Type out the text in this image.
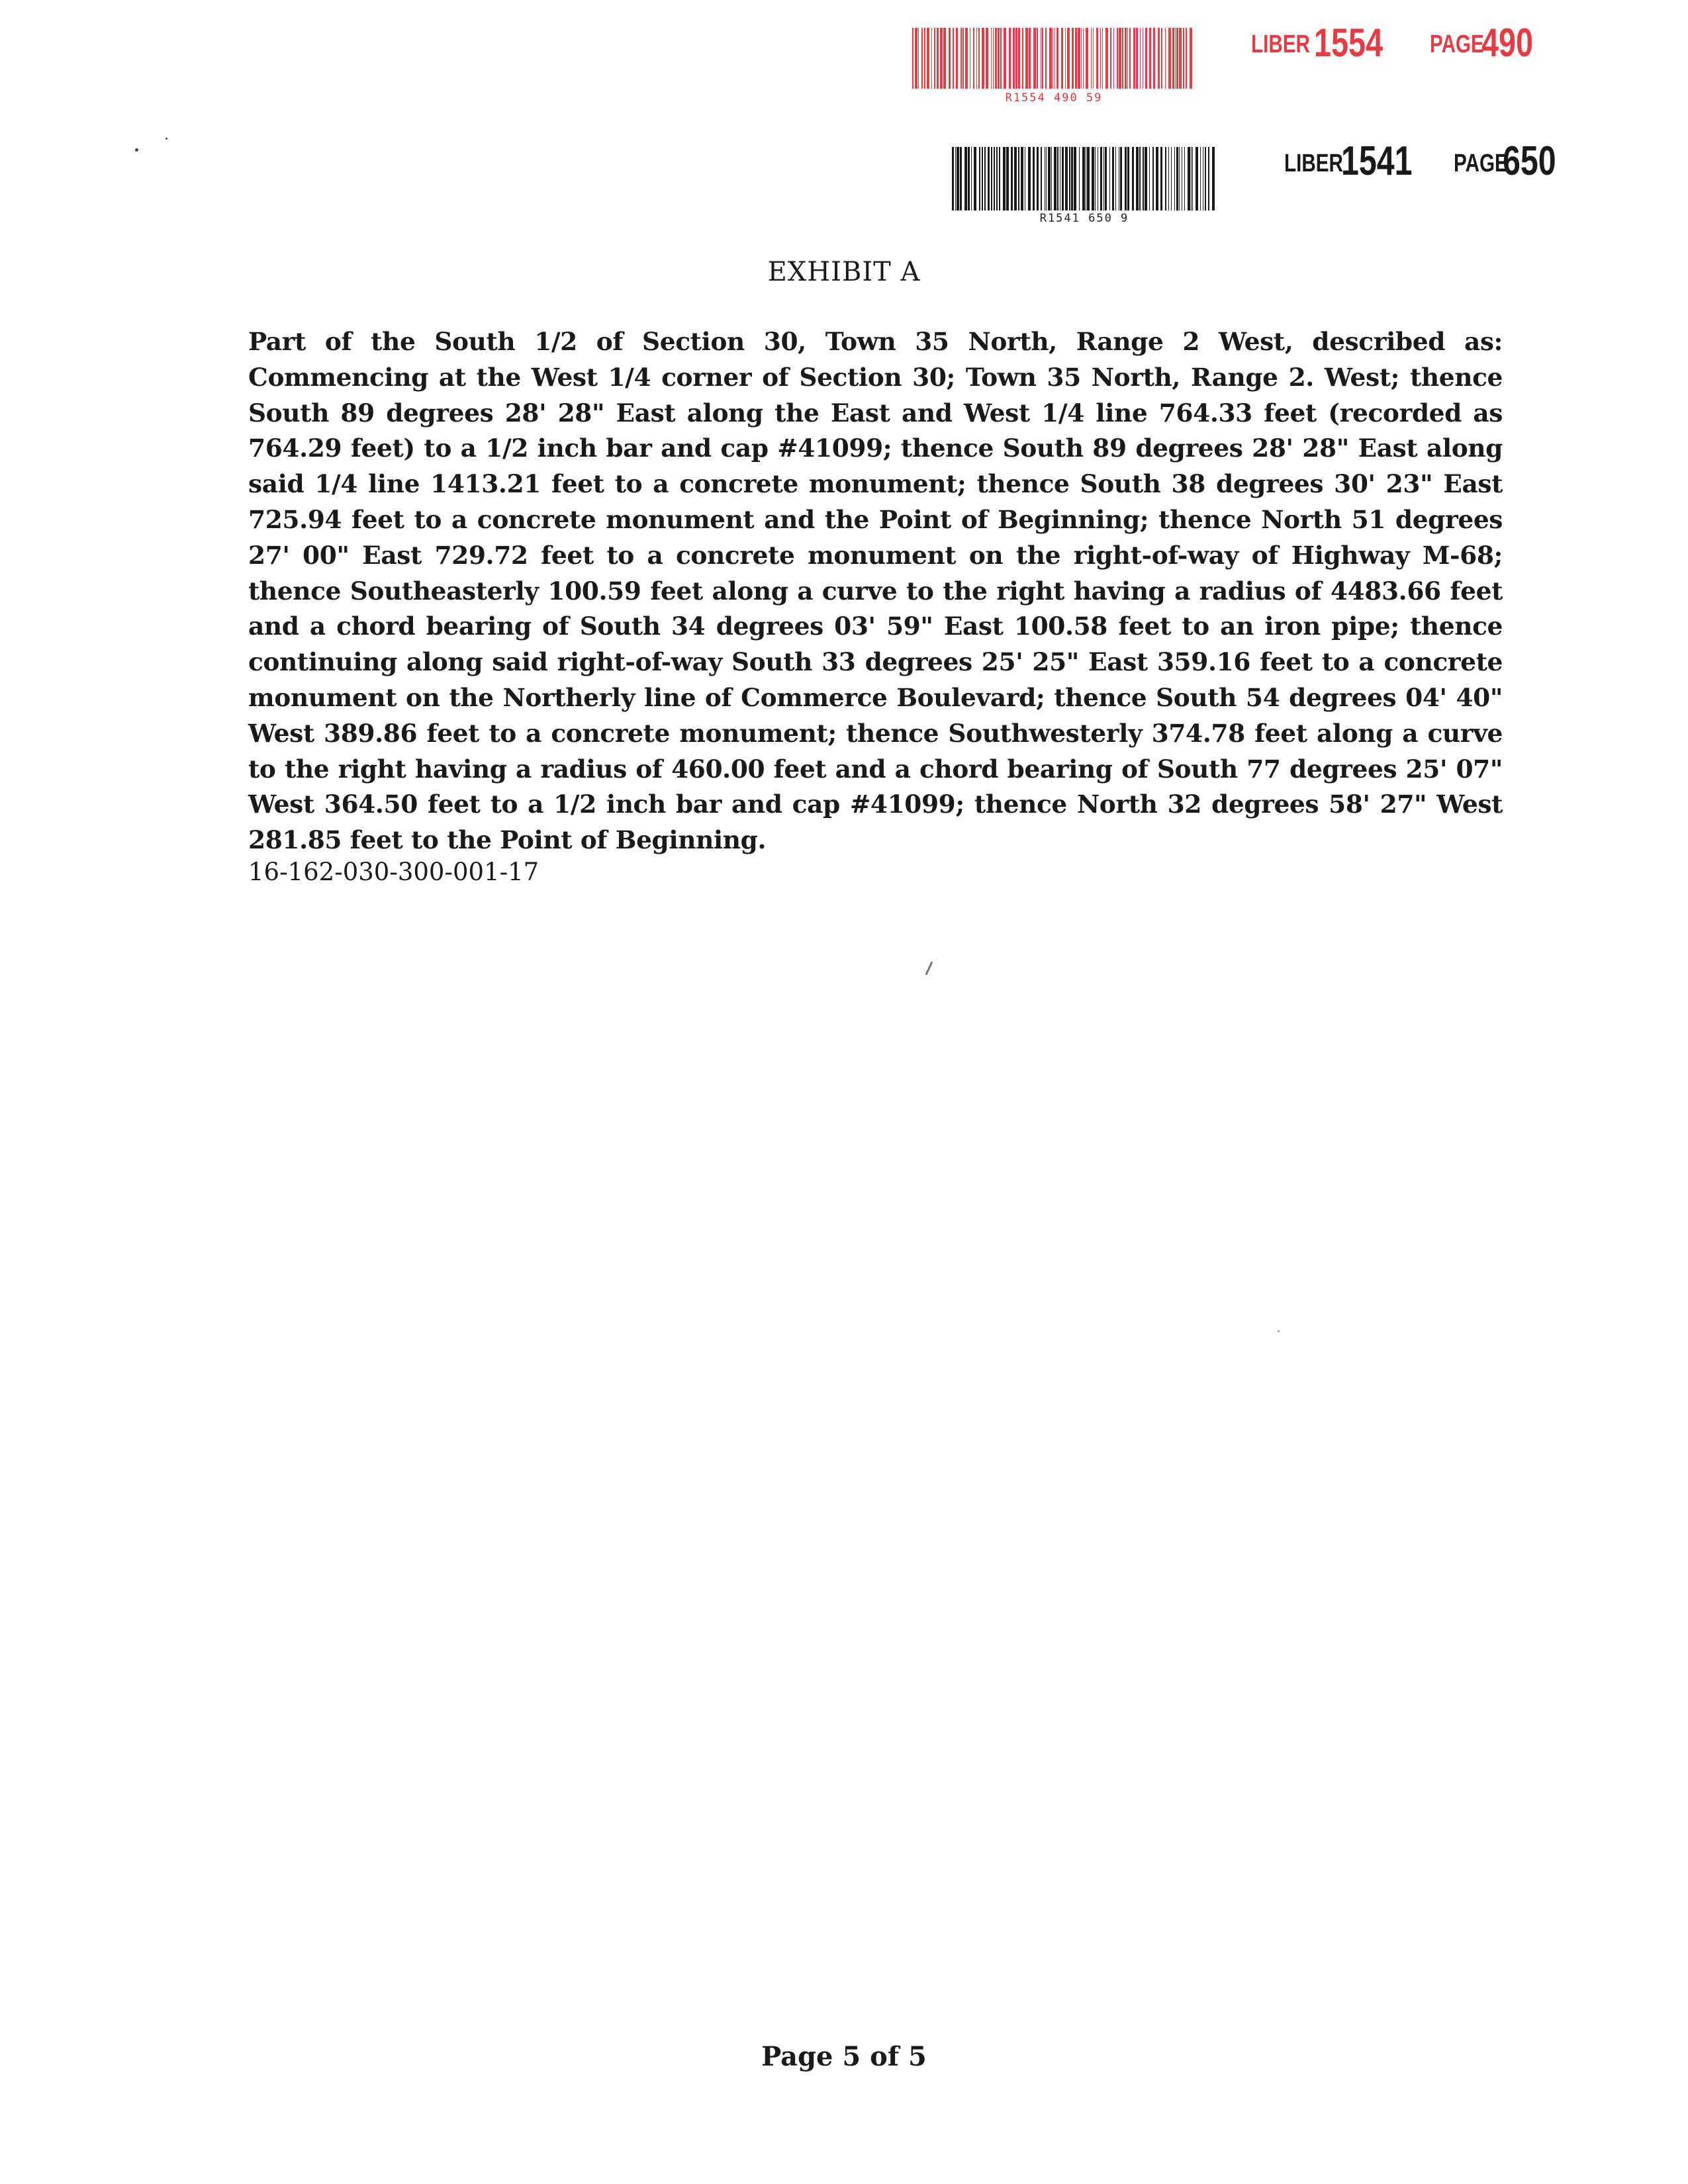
R1554 490 59
LIBER 1554 PAGE
490
R1541 650 9
LIBER
1541 PAGE
650
EXHIBIT A
Part of the South 1/2 of Section 30, Town 35 North, Range 2 West, described as: Commencing at the West 1/4 corner of Section 30; Town 35 North, Range 2. West; thence South 89 degrees 28' 28" East along the East and West 1/4 line 764.33 feet (recorded as 764.29 feet) to a 1/2 inch bar and cap #41099; thence South 89 degrees 28' 28" East along said 1/4 line 1413.21 feet to a concrete monument; thence South 38 degrees 30' 23" East 725.94 feet to a concrete monument and the Point of Beginning; thence North 51 degrees 27' 00" East 729.72 feet to a concrete monument on the right-of-way of Highway M-68; thence Southeasterly 100.59 feet along a curve to the right having a radius of 4483.66 feet and a chord bearing of South 34 degrees 03' 59" East 100.58 feet to an iron pipe; thence continuing along said right-of-way South 33 degrees 25' 25" East 359.16 feet to a concrete monument on the Northerly line of Commerce Boulevard; thence South 54 degrees 04' 40" West 389.86 feet to a concrete monument; thence Southwesterly 374.78 feet along a curve to the right having a radius of 460.00 feet and a chord bearing of South 77 degrees 25' 07" West 364.50 feet to a 1/2 inch bar and cap #41099; thence North 32 degrees 58' 27" West 281.85 feet to the Point of Beginning.
16-162-030-300-001-17
Page 5 of 5
